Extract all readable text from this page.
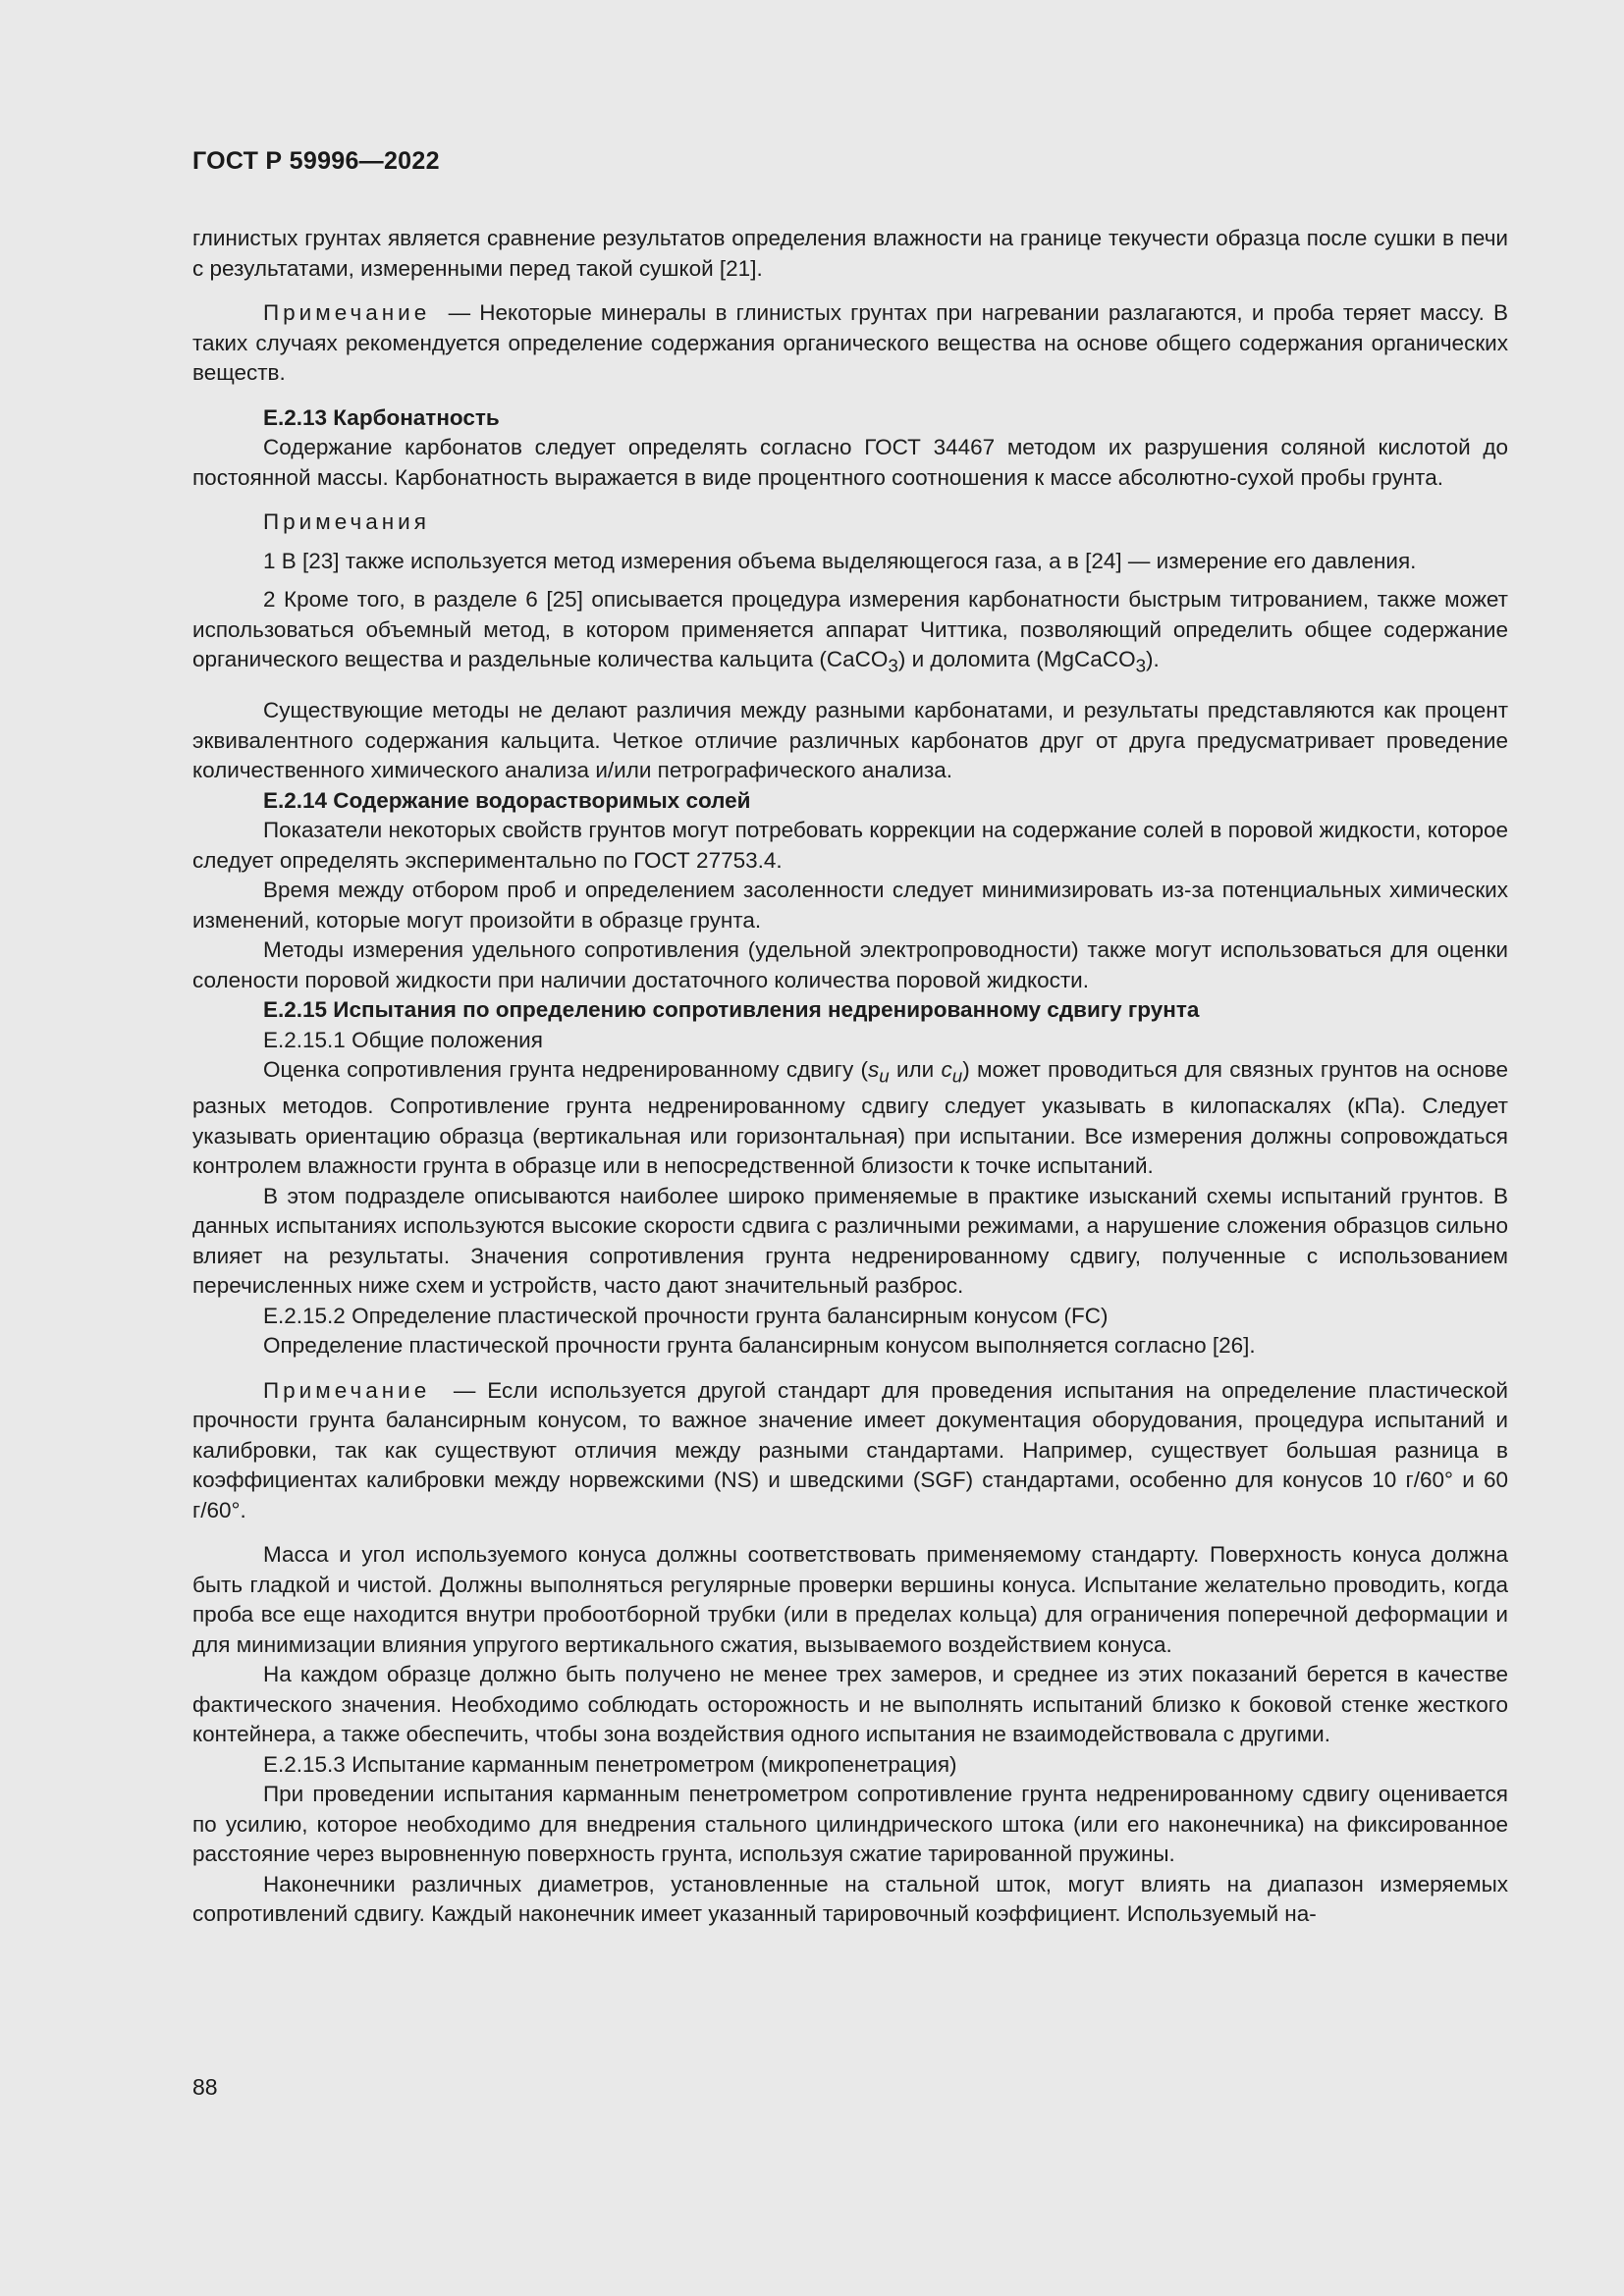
ГОСТ Р 59996—2022

глинистых грунтах является сравнение результатов определения влажности на границе текучести образца после сушки в печи с результатами, измеренными перед такой сушкой [21].

Примечание — Некоторые минералы в глинистых грунтах при нагревании разлагаются, и проба теряет массу. В таких случаях рекомендуется определение содержания органического вещества на основе общего содержания органических веществ.

Е.2.13 Карбонатность

Содержание карбонатов следует определять согласно ГОСТ 34467 методом их разрушения соляной кислотой до постоянной массы. Карбонатность выражается в виде процентного соотношения к массе абсолютно-сухой пробы грунта.

Примечания

1 В [23] также используется метод измерения объема выделяющегося газа, а в [24] — измерение его давления.

2 Кроме того, в разделе 6 [25] описывается процедура измерения карбонатности быстрым титрованием, также может использоваться объемный метод, в котором применяется аппарат Читтика, позволяющий определить общее содержание органического вещества и раздельные количества кальцита (CaCO$_3$) и доломита (MgCaCO$_3$).

Существующие методы не делают различия между разными карбонатами, и результаты представляются как процент эквивалентного содержания кальцита. Четкое отличие различных карбонатов друг от друга предусматривает проведение количественного химического анализа и/или петрографического анализа.

Е.2.14 Содержание водорастворимых солей

Показатели некоторых свойств грунтов могут потребовать коррекции на содержание солей в поровой жидкости, которое следует определять экспериментально по ГОСТ 27753.4.

Время между отбором проб и определением засоленности следует минимизировать из-за потенциальных химических изменений, которые могут произойти в образце грунта.

Методы измерения удельного сопротивления (удельной электропроводности) также могут использоваться для оценки солености поровой жидкости при наличии достаточного количества поровой жидкости.

Е.2.15 Испытания по определению сопротивления недренированному сдвигу грунта

Е.2.15.1 Общие положения

Оценка сопротивления грунта недренированному сдвигу ($s_u$ или $c_u$) может проводиться для связных грунтов на основе разных методов. Сопротивление грунта недренированному сдвигу следует указывать в килопаскалях (кПа). Следует указывать ориентацию образца (вертикальная или горизонтальная) при испытании. Все измерения должны сопровождаться контролем влажности грунта в образце или в непосредственной близости к точке испытаний.

В этом подразделе описываются наиболее широко применяемые в практике изысканий схемы испытаний грунтов. В данных испытаниях используются высокие скорости сдвига с различными режимами, а нарушение сложения образцов сильно влияет на результаты. Значения сопротивления грунта недренированному сдвигу, полученные с использованием перечисленных ниже схем и устройств, часто дают значительный разброс.

Е.2.15.2 Определение пластической прочности грунта балансирным конусом (FC)

Определение пластической прочности грунта балансирным конусом выполняется согласно [26].

Примечание — Если используется другой стандарт для проведения испытания на определение пластической прочности грунта балансирным конусом, то важное значение имеет документация оборудования, процедура испытаний и калибровки, так как существуют отличия между разными стандартами. Например, существует большая разница в коэффициентах калибровки между норвежскими (NS) и шведскими (SGF) стандартами, особенно для конусов 10 г/60° и 60 г/60°.

Масса и угол используемого конуса должны соответствовать применяемому стандарту. Поверхность конуса должна быть гладкой и чистой. Должны выполняться регулярные проверки вершины конуса. Испытание желательно проводить, когда проба все еще находится внутри пробоотборной трубки (или в пределах кольца) для ограничения поперечной деформации и для минимизации влияния упругого вертикального сжатия, вызываемого воздействием конуса.

На каждом образце должно быть получено не менее трех замеров, и среднее из этих показаний берется в качестве фактического значения. Необходимо соблюдать осторожность и не выполнять испытаний близко к боковой стенке жесткого контейнера, а также обеспечить, чтобы зона воздействия одного испытания не взаимодействовала с другими.

Е.2.15.3 Испытание карманным пенетрометром (микропенетрация)

При проведении испытания карманным пенетрометром сопротивление грунта недренированному сдвигу оценивается по усилию, которое необходимо для внедрения стального цилиндрического штока (или его наконечника) на фиксированное расстояние через выровненную поверхность грунта, используя сжатие тарированной пружины.

Наконечники различных диаметров, установленные на стальной шток, могут влиять на диапазон измеряемых сопротивлений сдвигу. Каждый наконечник имеет указанный тарировочный коэффициент. Используемый на-

88
